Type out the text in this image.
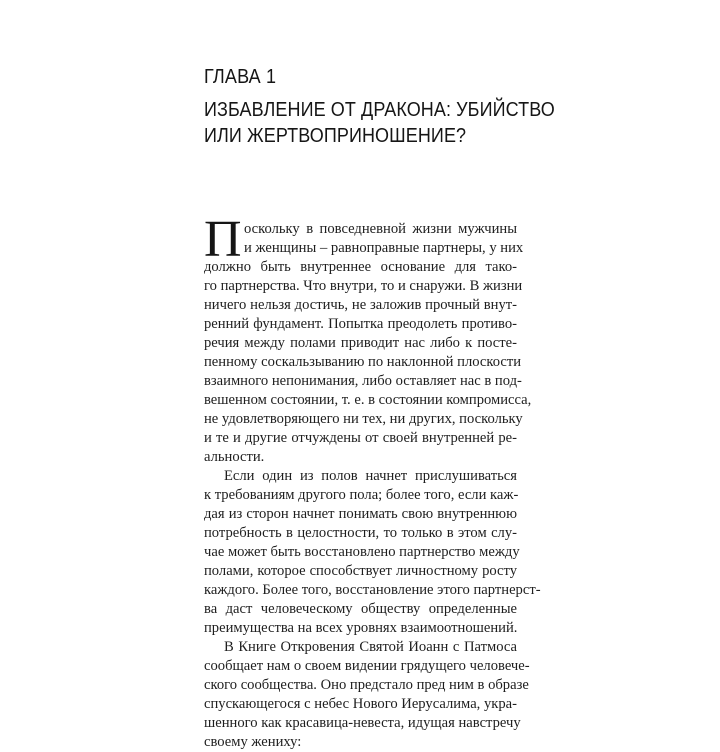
ГЛАВА 1
ИЗБАВЛЕНИЕ ОТ ДРАКОНА: УБИЙСТВО
ИЛИ ЖЕРТВОПРИНОШЕНИЕ?
П оскольку в повседневной жизни мужчины
и женщины – равноправные партнеры, у них
должно быть внутреннее основание для тако-
го партнерства. Что внутри, то и снаружи. В жизни
ничего нельзя достичь, не заложив прочный внут-
ренний фундамент. Попытка преодолеть противо-
речия между полами приводит нас либо к посте-
пенному соскальзыванию по наклонной плоскости
взаимного непонимания, либо оставляет нас в под-
вешенном состоянии, т. е. в состоянии компромисса,
не удовлетворяющего ни тех, ни других, поскольку
и те и другие отчуждены от своей внутренней ре-
альности.
Если один из полов начнет прислушиваться
к требованиям другого пола; более того, если каж-
дая из сторон начнет понимать свою внутреннюю
потребность в целостности, то только в этом слу-
чае может быть восстановлено партнерство между
полами, которое способствует личностному росту
каждого. Более того, восстановление этого партнерст-
ва даст человеческому обществу определенные
преимущества на всех уровнях взаимоотношений.
В Книге Откровения Святой Иоанн с Патмоса
сообщает нам о своем видении грядущего человече-
ского сообщества. Оно предстало пред ним в образе
спускающегося с небес Нового Иерусалима, укра-
шенного как красавица-невеста, идущая навстречу
своему жениху:
